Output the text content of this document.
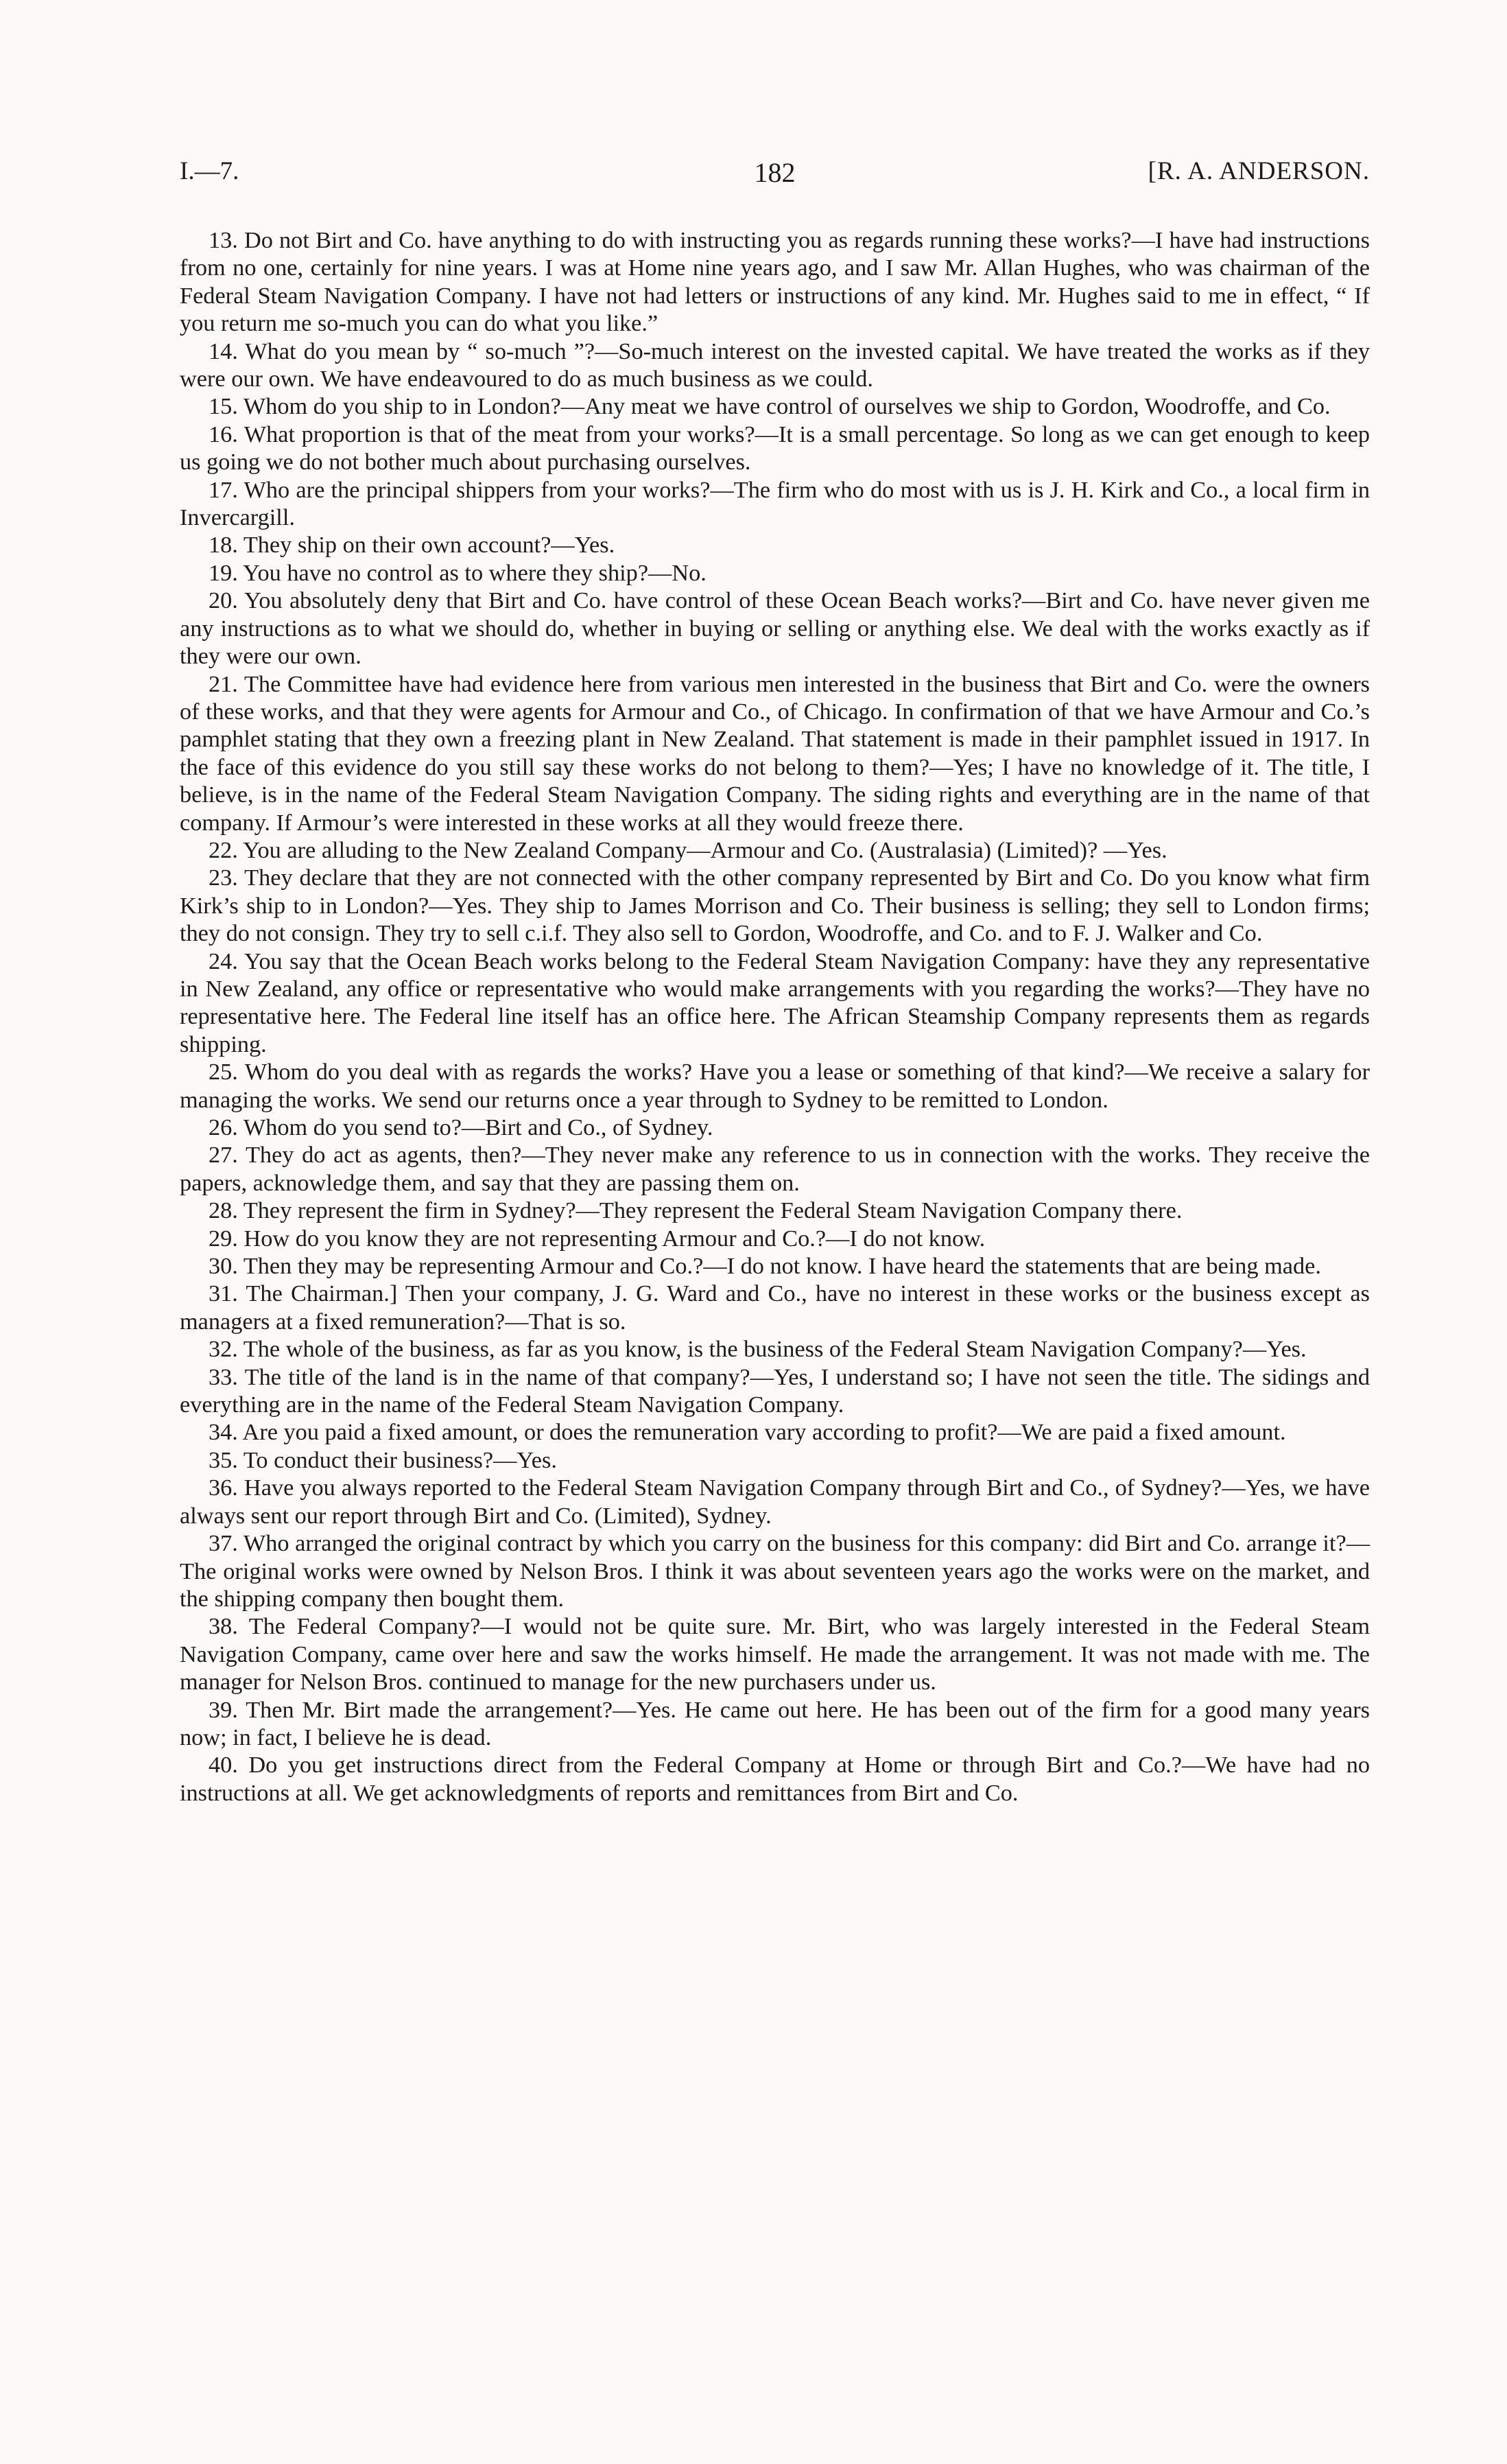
I.—7.	182	[R. A. ANDERSON.

13. Do not Birt and Co. have anything to do with instructing you as regards running these works?—I have had instructions from no one, certainly for nine years. I was at Home nine years ago, and I saw Mr. Allan Hughes, who was chairman of the Federal Steam Navigation Company. I have not had letters or instructions of any kind. Mr. Hughes said to me in effect, “ If you return me so-much you can do what you like.”

14. What do you mean by “ so-much ”?—So-much interest on the invested capital. We have treated the works as if they were our own. We have endeavoured to do as much business as we could.

15. Whom do you ship to in London?—Any meat we have control of ourselves we ship to Gordon, Woodroffe, and Co.

16. What proportion is that of the meat from your works?—It is a small percentage. So long as we can get enough to keep us going we do not bother much about purchasing ourselves.

17. Who are the principal shippers from your works?—The firm who do most with us is J. H. Kirk and Co., a local firm in Invercargill.

18. They ship on their own account?—Yes.

19. You have no control as to where they ship?—No.

20. You absolutely deny that Birt and Co. have control of these Ocean Beach works?—Birt and Co. have never given me any instructions as to what we should do, whether in buying or selling or anything else. We deal with the works exactly as if they were our own.

21. The Committee have had evidence here from various men interested in the business that Birt and Co. were the owners of these works, and that they were agents for Armour and Co., of Chicago. In confirmation of that we have Armour and Co.’s pamphlet stating that they own a freezing plant in New Zealand. That statement is made in their pamphlet issued in 1917. In the face of this evidence do you still say these works do not belong to them?—Yes; I have no knowledge of it. The title, I believe, is in the name of the Federal Steam Navigation Company. The siding rights and everything are in the name of that company. If Armour’s were interested in these works at all they would freeze there.

22. You are alluding to the New Zealand Company—Armour and Co. (Australasia) (Limited)? —Yes.

23. They declare that they are not connected with the other company represented by Birt and Co. Do you know what firm Kirk’s ship to in London?—Yes. They ship to James Morrison and Co. Their business is selling; they sell to London firms; they do not consign. They try to sell c.i.f. They also sell to Gordon, Woodroffe, and Co. and to F. J. Walker and Co.

24. You say that the Ocean Beach works belong to the Federal Steam Navigation Company: have they any representative in New Zealand, any office or representative who would make arrangements with you regarding the works?—They have no representative here. The Federal line itself has an office here. The African Steamship Company represents them as regards shipping.

25. Whom do you deal with as regards the works? Have you a lease or something of that kind?—We receive a salary for managing the works. We send our returns once a year through to Sydney to be remitted to London.

26. Whom do you send to?—Birt and Co., of Sydney.

27. They do act as agents, then?—They never make any reference to us in connection with the works. They receive the papers, acknowledge them, and say that they are passing them on.

28. They represent the firm in Sydney?—They represent the Federal Steam Navigation Company there.

29. How do you know they are not representing Armour and Co.?—I do not know.

30. Then they may be representing Armour and Co.?—I do not know. I have heard the statements that are being made.

31. The Chairman.] Then your company, J. G. Ward and Co., have no interest in these works or the business except as managers at a fixed remuneration?—That is so.

32. The whole of the business, as far as you know, is the business of the Federal Steam Navigation Company?—Yes.

33. The title of the land is in the name of that company?—Yes, I understand so; I have not seen the title. The sidings and everything are in the name of the Federal Steam Navigation Company.

34. Are you paid a fixed amount, or does the remuneration vary according to profit?—We are paid a fixed amount.

35. To conduct their business?—Yes.

36. Have you always reported to the Federal Steam Navigation Company through Birt and Co., of Sydney?—Yes, we have always sent our report through Birt and Co. (Limited), Sydney.

37. Who arranged the original contract by which you carry on the business for this company: did Birt and Co. arrange it?—The original works were owned by Nelson Bros. I think it was about seventeen years ago the works were on the market, and the shipping company then bought them.

38. The Federal Company?—I would not be quite sure. Mr. Birt, who was largely interested in the Federal Steam Navigation Company, came over here and saw the works himself. He made the arrangement. It was not made with me. The manager for Nelson Bros. continued to manage for the new purchasers under us.

39. Then Mr. Birt made the arrangement?—Yes. He came out here. He has been out of the firm for a good many years now; in fact, I believe he is dead.

40. Do you get instructions direct from the Federal Company at Home or through Birt and Co.?—We have had no instructions at all. We get acknowledgments of reports and remittances from Birt and Co.
